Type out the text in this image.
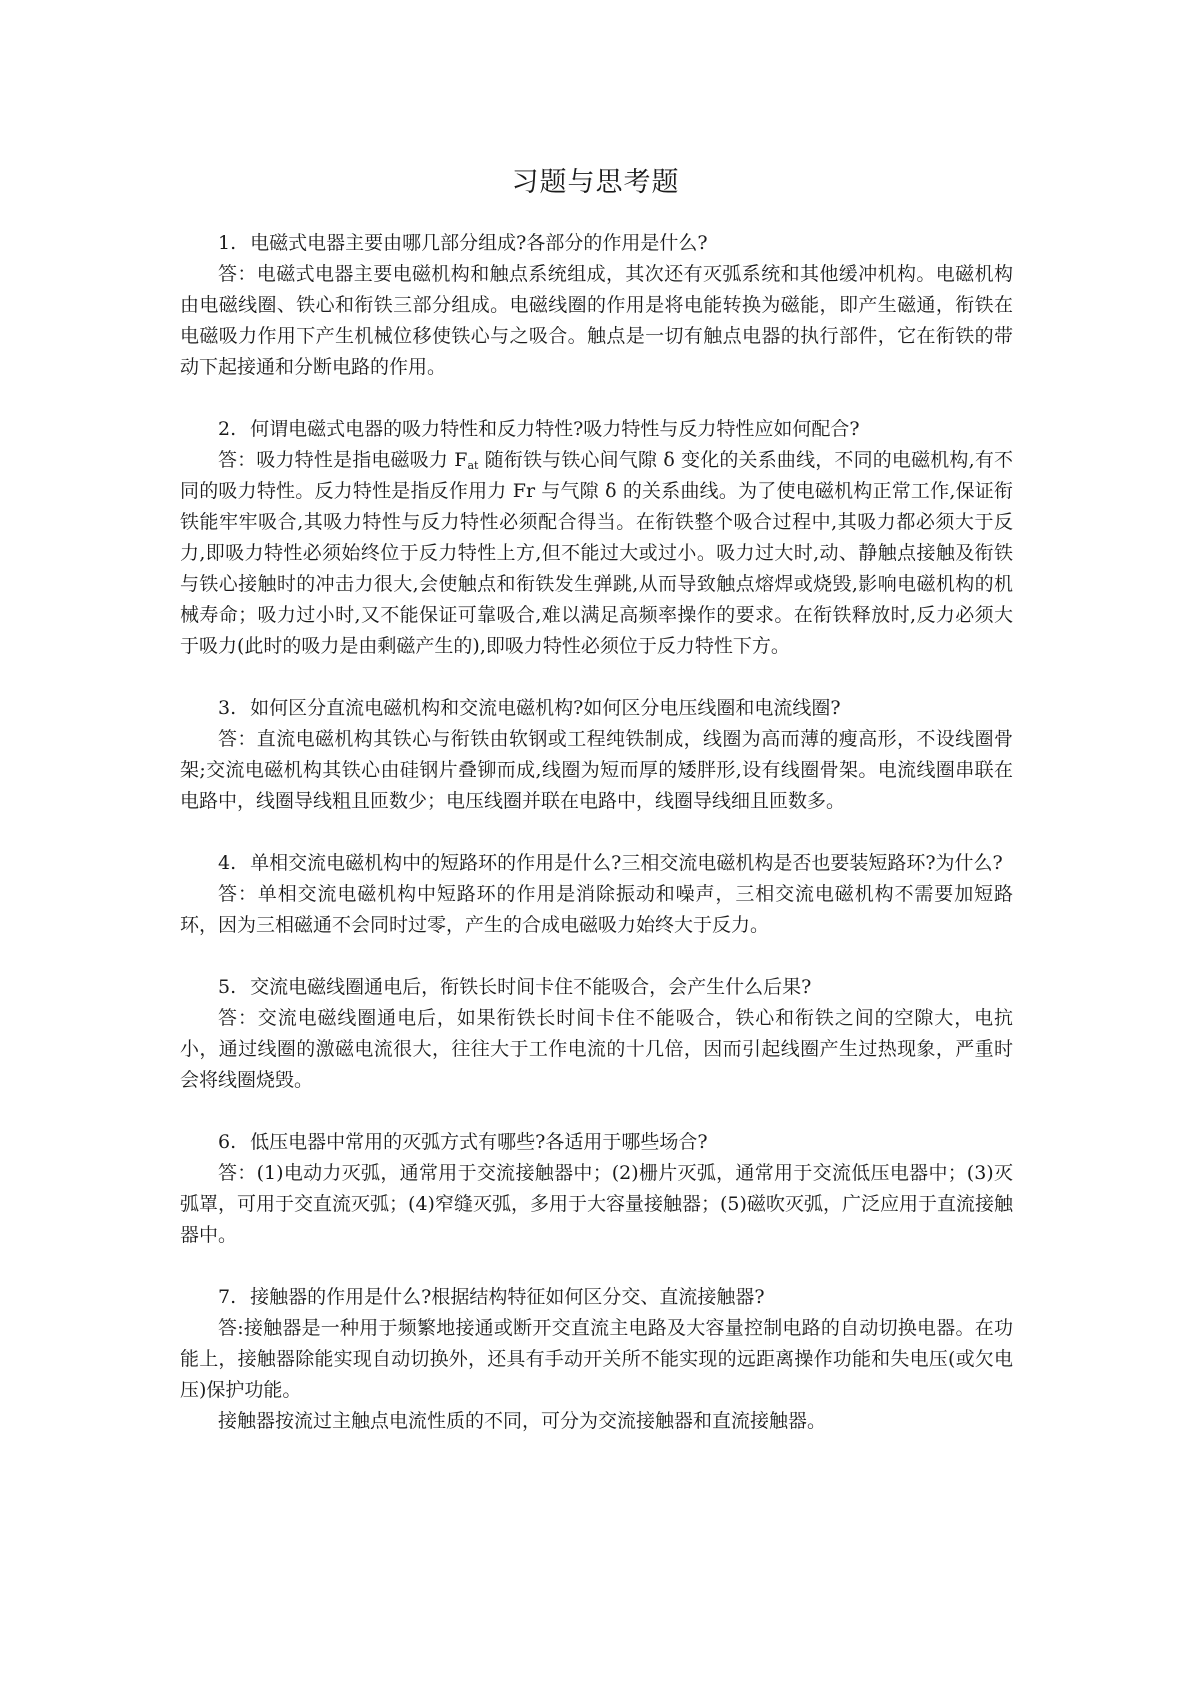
习题与思考题

1. 电磁式电器主要由哪几部分组成?各部分的作用是什么?

答：电磁式电器主要电磁机构和触点系统组成，其次还有灭弧系统和其他缓冲机构。电磁机构由电磁线圈、铁心和衔铁三部分组成。电磁线圈的作用是将电能转换为磁能，即产生磁通，衔铁在电磁吸力作用下产生机械位移使铁心与之吸合。触点是一切有触点电器的执行部件，它在衔铁的带动下起接通和分断电路的作用。

2. 何谓电磁式电器的吸力特性和反力特性?吸力特性与反力特性应如何配合?

答：吸力特性是指电磁吸力 $F_{at}$ 随衔铁与铁心间气隙 δ 变化的关系曲线，不同的电磁机构,有不同的吸力特性。反力特性是指反作用力 Fr 与气隙 δ 的关系曲线。为了使电磁机构正常工作,保证衔铁能牢牢吸合,其吸力特性与反力特性必须配合得当。在衔铁整个吸合过程中,其吸力都必须大于反力,即吸力特性必须始终位于反力特性上方,但不能过大或过小。吸力过大时,动、静触点接触及衔铁与铁心接触时的冲击力很大,会使触点和衔铁发生弹跳,从而导致触点熔焊或烧毁,影响电磁机构的机械寿命；吸力过小时,又不能保证可靠吸合,难以满足高频率操作的要求。在衔铁释放时,反力必须大于吸力(此时的吸力是由剩磁产生的),即吸力特性必须位于反力特性下方。

3. 如何区分直流电磁机构和交流电磁机构?如何区分电压线圈和电流线圈?

答：直流电磁机构其铁心与衔铁由软钢或工程纯铁制成，线圈为高而薄的瘦高形，不设线圈骨架;交流电磁机构其铁心由硅钢片叠铆而成,线圈为短而厚的矮胖形,设有线圈骨架。电流线圈串联在电路中，线圈导线粗且匝数少；电压线圈并联在电路中，线圈导线细且匝数多。

4. 单相交流电磁机构中的短路环的作用是什么?三相交流电磁机构是否也要装短路环?为什么?

答：单相交流电磁机构中短路环的作用是消除振动和噪声，三相交流电磁机构不需要加短路环，因为三相磁通不会同时过零，产生的合成电磁吸力始终大于反力。

5. 交流电磁线圈通电后，衔铁长时间卡住不能吸合，会产生什么后果?

答：交流电磁线圈通电后，如果衔铁长时间卡住不能吸合，铁心和衔铁之间的空隙大，电抗小，通过线圈的激磁电流很大，往往大于工作电流的十几倍，因而引起线圈产生过热现象，严重时会将线圈烧毁。

6. 低压电器中常用的灭弧方式有哪些?各适用于哪些场合?

答：(1)电动力灭弧，通常用于交流接触器中；(2)栅片灭弧，通常用于交流低压电器中；(3)灭弧罩，可用于交直流灭弧；(4)窄缝灭弧，多用于大容量接触器；(5)磁吹灭弧，广泛应用于直流接触器中。

7. 接触器的作用是什么?根据结构特征如何区分交、直流接触器?

答:接触器是一种用于频繁地接通或断开交直流主电路及大容量控制电路的自动切换电器。在功能上，接触器除能实现自动切换外，还具有手动开关所不能实现的远距离操作功能和失电压(或欠电压)保护功能。

接触器按流过主触点电流性质的不同，可分为交流接触器和直流接触器。
